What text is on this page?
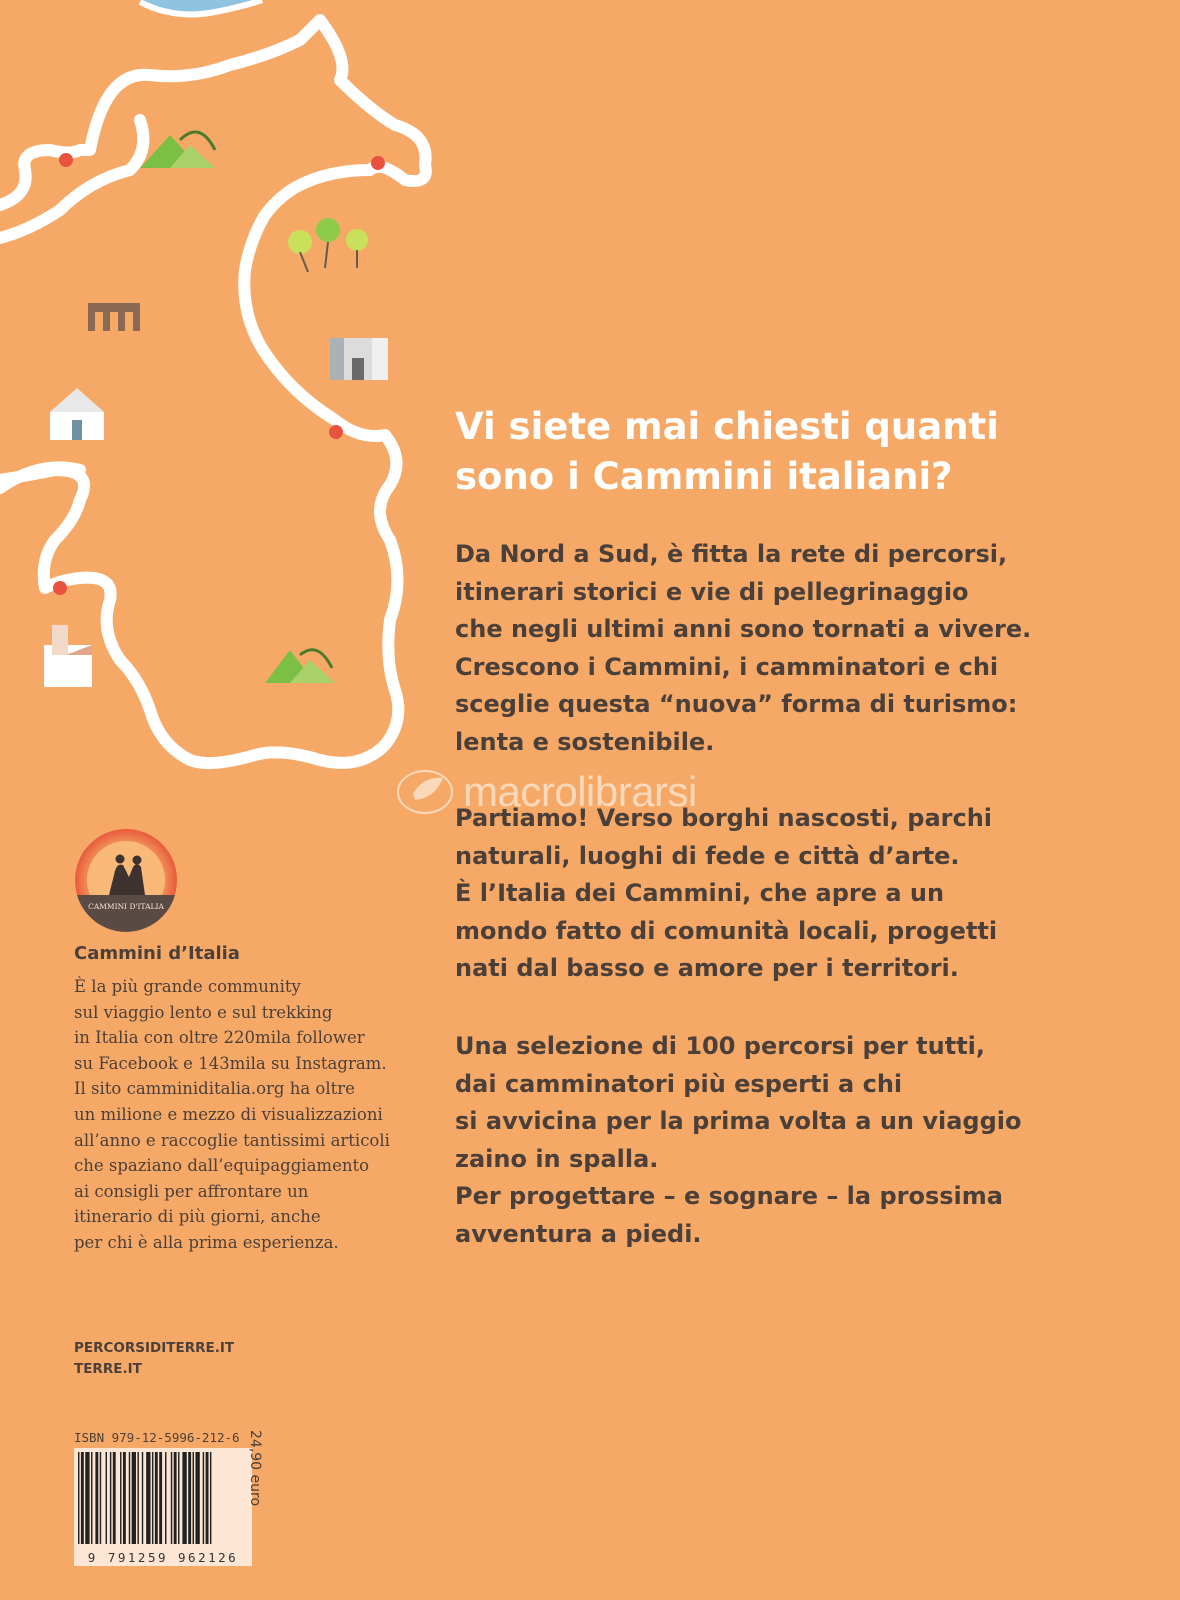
Vi siete mai chiesti quanti
sono i Cammini italiani?

Da Nord a Sud, è fitta la rete di percorsi,
itinerari storici e vie di pellegrinaggio
che negli ultimi anni sono tornati a vivere.
Crescono i Cammini, i camminatori e chi
sceglie questa “nuova” forma di turismo:
lenta e sostenibile.

macrolibrarsi

Partiamo! Verso borghi nascosti, parchi
naturali, luoghi di fede e città d’arte.
È l’Italia dei Cammini, che apre a un
mondo fatto di comunità locali, progetti
nati dal basso e amore per i territori.

Una selezione di 100 percorsi per tutti,
dai camminatori più esperti a chi
si avvicina per la prima volta a un viaggio
zaino in spalla.
Per progettare – e sognare – la prossima
avventura a piedi.

CAMMINI D'ITALIA
Cammini d’Italia

È la più grande community
sul viaggio lento e sul trekking
in Italia con oltre 220mila follower
su Facebook e 143mila su Instagram.
Il sito camminiditalia.org ha oltre
un milione e mezzo di visualizzazioni
all’anno e raccoglie tantissimi articoli
che spaziano dall’equipaggiamento
ai consigli per affrontare un
itinerario di più giorni, anche
per chi è alla prima esperienza.

PERCORSIDITERRE.IT
TERRE.IT
ISBN 979-12-5996-212-6
9 791259 962126
24,90 euro
